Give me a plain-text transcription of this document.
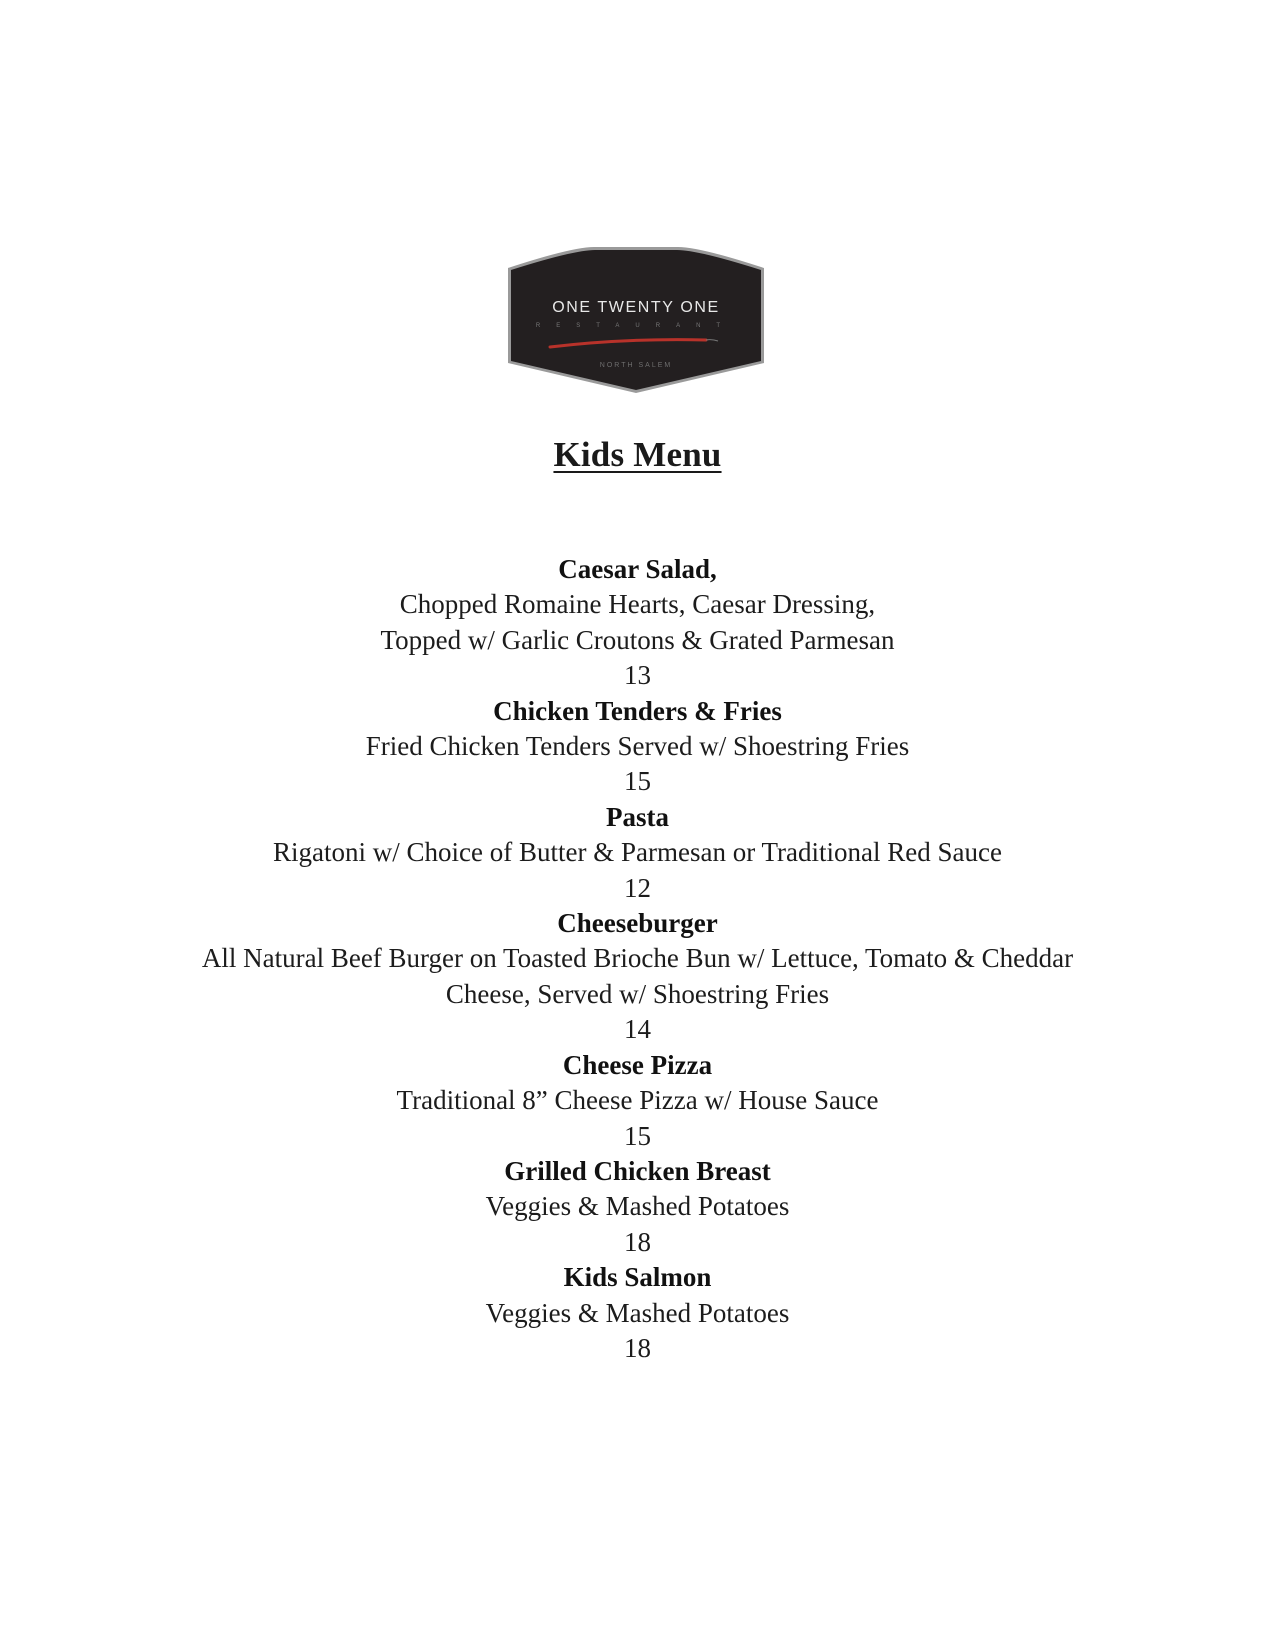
ONE TWENTY ONE
RESTAURANT
NORTH SALEM
Kids Menu
Caesar Salad,
Chopped Romaine Hearts, Caesar Dressing,
Topped w/ Garlic Croutons & Grated Parmesan
13
Chicken Tenders & Fries
Fried Chicken Tenders Served w/ Shoestring Fries
15
Pasta
Rigatoni w/ Choice of Butter & Parmesan or Traditional Red Sauce
12
Cheeseburger
All Natural Beef Burger on Toasted Brioche Bun w/ Lettuce, Tomato & Cheddar
Cheese, Served w/ Shoestring Fries
14
Cheese Pizza
Traditional 8” Cheese Pizza w/ House Sauce
15
Grilled Chicken Breast
Veggies & Mashed Potatoes
18
Kids Salmon
Veggies & Mashed Potatoes
18
